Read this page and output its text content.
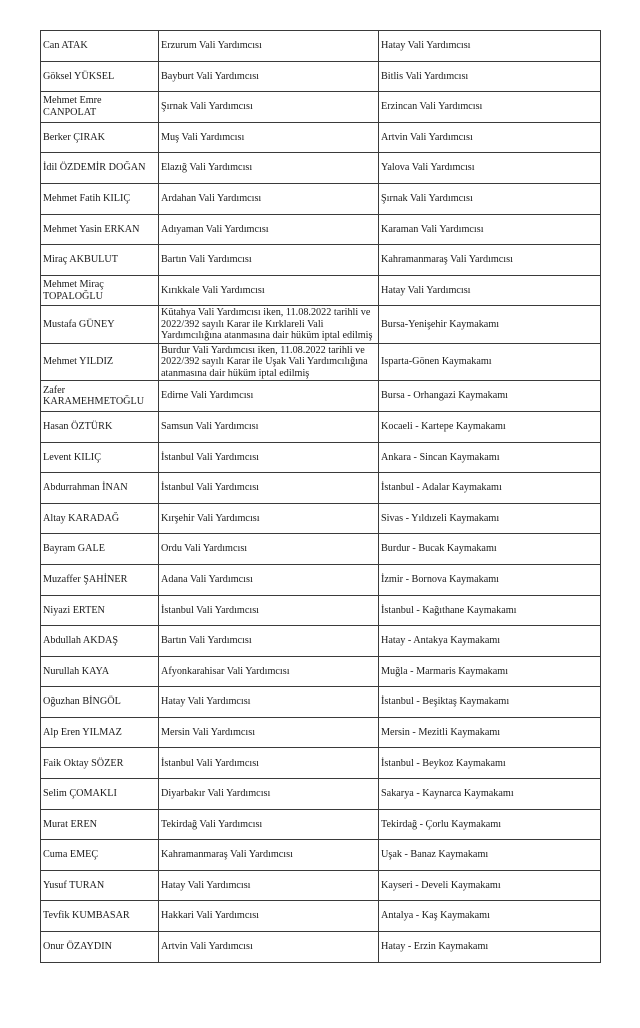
Can ATAK	Erzurum Vali Yardımcısı	Hatay Vali Yardımcısı
Göksel YÜKSEL	Bayburt Vali Yardımcısı	Bitlis Vali Yardımcısı
Mehmet Emre CANPOLAT	Şırnak Vali Yardımcısı	Erzincan Vali Yardımcısı
Berker ÇIRAK	Muş Vali Yardımcısı	Artvin Vali Yardımcısı
İdil ÖZDEMİR DOĞAN	Elazığ Vali Yardımcısı	Yalova Vali Yardımcısı
Mehmet Fatih KILIÇ	Ardahan Vali Yardımcısı	Şırnak Vali Yardımcısı
Mehmet Yasin ERKAN	Adıyaman Vali Yardımcısı	Karaman Vali Yardımcısı
Miraç AKBULUT	Bartın Vali Yardımcısı	Kahramanmaraş Vali Yardımcısı
Mehmet Miraç TOPALOĞLU	Kırıkkale Vali Yardımcısı	Hatay Vali Yardımcısı
Mustafa GÜNEY	Kütahya Vali Yardımcısı iken, 11.08.2022 tarihli ve 2022/392 sayılı Karar ile Kırklareli Vali Yardımcılığına atanmasına dair hüküm iptal edilmiş	Bursa-Yenişehir Kaymakamı
Mehmet YILDIZ	Burdur Vali Yardımcısı iken, 11.08.2022 tarihli ve 2022/392 sayılı Karar ile Uşak Vali Yardımcılığına atanmasına dair hüküm iptal edilmiş	Isparta-Gönen Kaymakamı
Zafer KARAMEHMETOĞLU	Edirne Vali Yardımcısı	Bursa - Orhangazi Kaymakamı
Hasan ÖZTÜRK	Samsun Vali Yardımcısı	Kocaeli - Kartepe Kaymakamı
Levent KILIÇ	İstanbul Vali Yardımcısı	Ankara - Sincan Kaymakamı
Abdurrahman İNAN	İstanbul Vali Yardımcısı	İstanbul - Adalar Kaymakamı
Altay KARADAĞ	Kırşehir Vali Yardımcısı	Sivas - Yıldızeli Kaymakamı
Bayram GALE	Ordu Vali Yardımcısı	Burdur - Bucak Kaymakamı
Muzaffer ŞAHİNER	Adana Vali Yardımcısı	İzmir - Bornova Kaymakamı
Niyazi ERTEN	İstanbul Vali Yardımcısı	İstanbul - Kağıthane Kaymakamı
Abdullah AKDAŞ	Bartın Vali Yardımcısı	Hatay - Antakya Kaymakamı
Nurullah KAYA	Afyonkarahisar Vali Yardımcısı	Muğla - Marmaris Kaymakamı
Oğuzhan BİNGÖL	Hatay Vali Yardımcısı	İstanbul - Beşiktaş Kaymakamı
Alp Eren YILMAZ	Mersin Vali Yardımcısı	Mersin - Mezitli Kaymakamı
Faik Oktay SÖZER	İstanbul Vali Yardımcısı	İstanbul - Beykoz Kaymakamı
Selim ÇOMAKLI	Diyarbakır Vali Yardımcısı	Sakarya - Kaynarca Kaymakamı
Murat EREN	Tekirdağ Vali Yardımcısı	Tekirdağ - Çorlu Kaymakamı
Cuma EMEÇ	Kahramanmaraş Vali Yardımcısı	Uşak - Banaz Kaymakamı
Yusuf TURAN	Hatay Vali Yardımcısı	Kayseri - Develi Kaymakamı
Tevfik KUMBASAR	Hakkari Vali Yardımcısı	Antalya - Kaş Kaymakamı
Onur ÖZAYDIN	Artvin Vali Yardımcısı	Hatay - Erzin Kaymakamı
